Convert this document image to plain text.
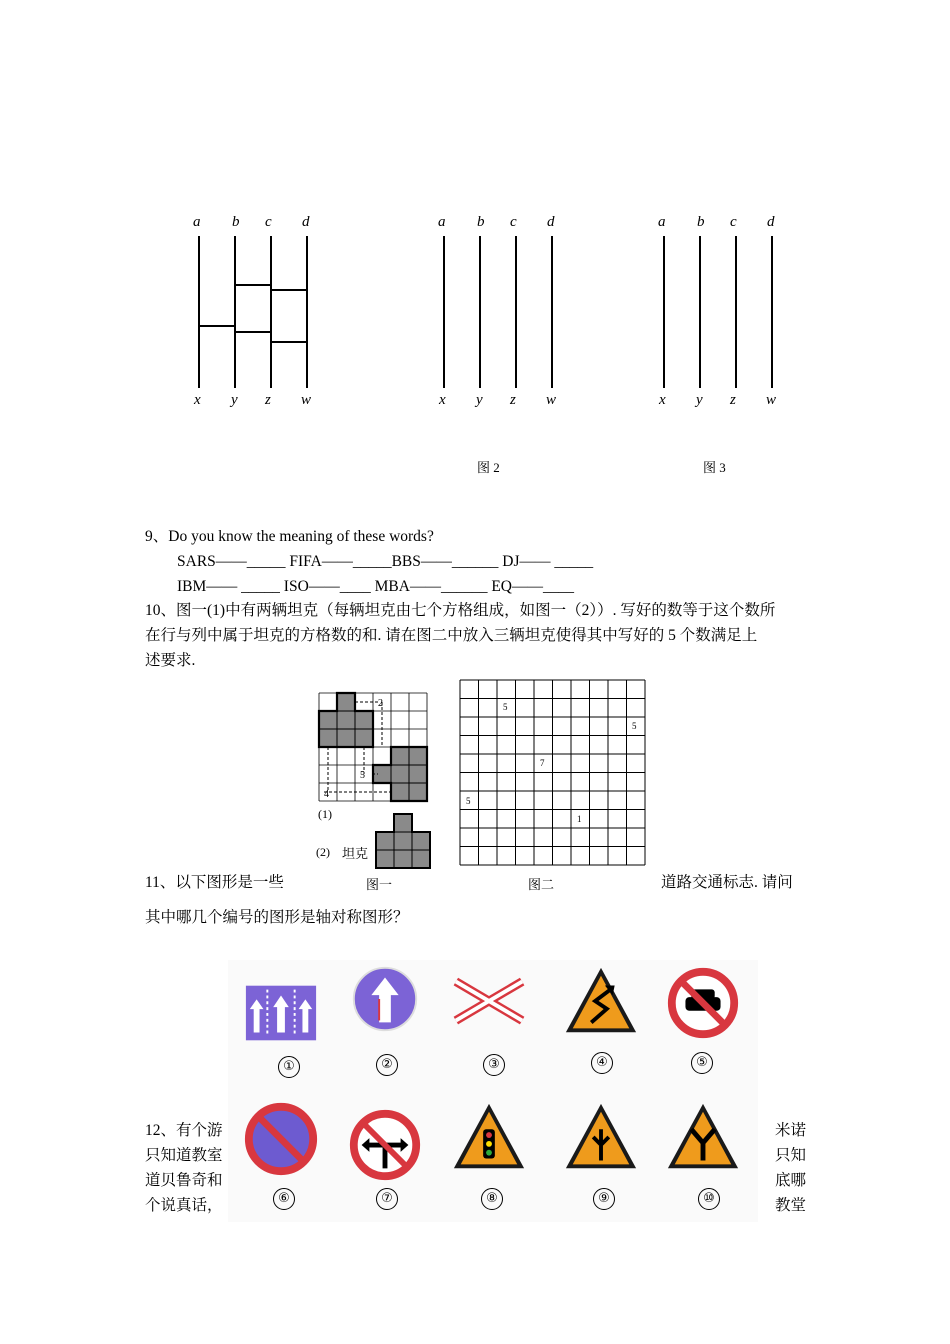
a b c d
x y z w
a b c d
x y z w
图 2
a b c d
x y z w
图 3
9、Do you know the meaning of these words?
SARS——_____ FIFA——_____BBS——______ DJ—— _____
IBM—— _____ ISO——____ MBA——______ EQ——____
10、图一(1)中有两辆坦克（每辆坦克由七个方格组成，如图一（2））. 写好的数等于这个数所
在行与列中属于坦克的方格数的和. 请在图二中放入三辆坦克使得其中写好的 5 个数满足上
述要求.
2
5
4
(1)
(2) 坦克
图一
5
5
7
5
1
图二
11、以下图形是一些	道路交通标志. 请问
其中哪几个编号的图形是轴对称图形？
12、有个游	米诺
只知道教室	只知
道贝鲁奇和	底哪
个说真话，	教堂
①	②	③	④	⑤
⑥	⑦	⑧	⑨	⑩
